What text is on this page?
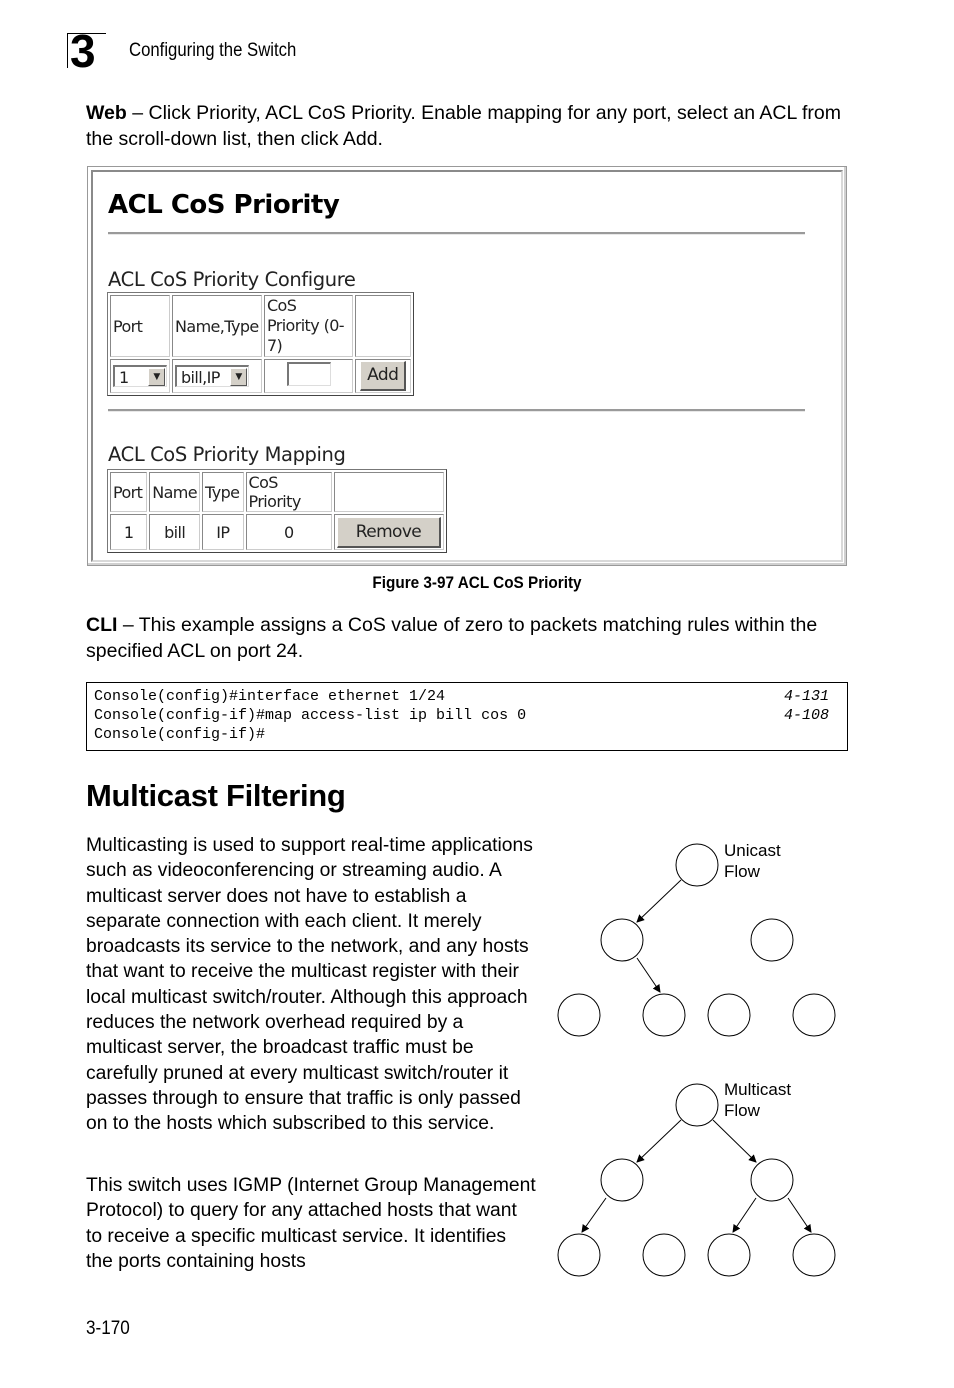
3 Configuring the Switch
Web – Click Priority, ACL CoS Priority. Enable mapping for any port, select an ACL from the scroll-down list, then click Add.
ACL CoS Priority
ACL CoS Priority Configure
Port	Name,Type	CoS Priority (0-7)	
1 ▼	bill,IP ▼		Add
ACL CoS Priority Mapping
Port	Name	Type	CoS Priority	
1	bill	IP	0	Remove
Figure 3-97 ACL CoS Priority
CLI – This example assigns a CoS value of zero to packets matching rules within the specified ACL on port 24.
Console(config)#interface ethernet 1/24	4-131
Console(config-if)#map access-list ip bill cos 0	4-108
Console(config-if)#
Multicast Filtering
Multicasting is used to support real-time applications such as videoconferencing or streaming audio. A multicast server does not have to establish a separate connection with each client. It merely broadcasts its service to the network, and any hosts that want to receive the multicast register with their local multicast switch/router. Although this approach reduces the network overhead required by a multicast server, the broadcast traffic must be carefully pruned at every multicast switch/router it passes through to ensure that traffic is only passed on to the hosts which subscribed to this service.
This switch uses IGMP (Internet Group Management Protocol) to query for any attached hosts that want to receive a specific multicast service. It identifies the ports containing hosts
Unicast
Flow
Multicast
Flow
3-170
